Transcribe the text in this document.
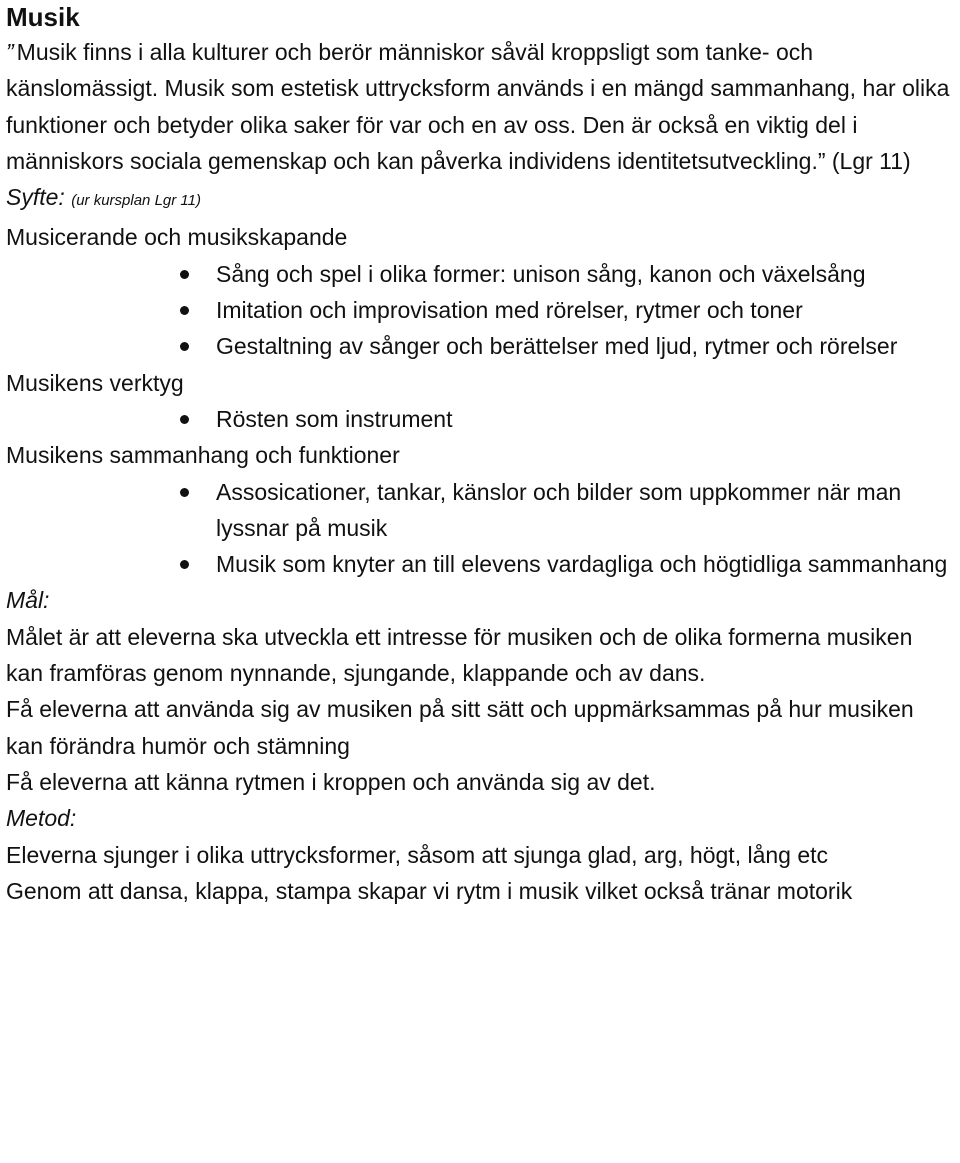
Musik

” Musik finns i alla kulturer och berör människor såväl kroppsligt som tanke- och känslomässigt. Musik som estetisk uttrycksform används i en mängd sammanhang, har olika funktioner och betyder olika saker för var och en av oss. Den är också en viktig del i människors sociala gemenskap och kan påverka individens identitetsutveckling.” (Lgr 11)

Syfte: (ur kursplan Lgr 11)

Musicerande och musikskapande

Sång och spel i olika former: unison sång, kanon och växelsång
Imitation och improvisation med rörelser, rytmer och toner
Gestaltning av sånger och berättelser med ljud, rytmer och rörelser

Musikens verktyg

Rösten som instrument

Musikens sammanhang och funktioner

Assosicationer, tankar, känslor och bilder som uppkommer när man lyssnar på musik
Musik som knyter an till elevens vardagliga och högtidliga sammanhang

Mål:

Målet är att eleverna ska utveckla ett intresse för musiken och de olika formerna musiken kan framföras genom nynnande, sjungande, klappande och av dans.

Få eleverna att använda sig av musiken på sitt sätt och uppmärksammas på hur musiken kan förändra humör och stämning

Få eleverna att känna rytmen i kroppen och använda sig av det.

Metod:

Eleverna sjunger i olika uttrycksformer, såsom att sjunga glad, arg, högt, lång etc

Genom att dansa, klappa, stampa skapar vi rytm i musik vilket också tränar motorik
